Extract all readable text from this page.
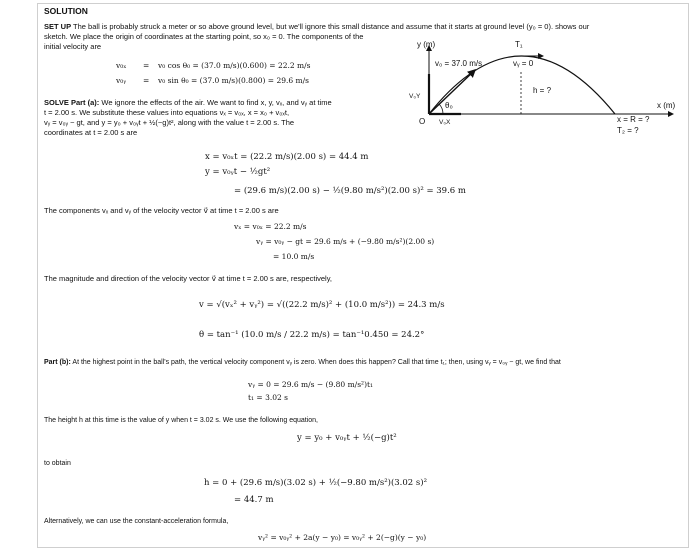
SOLUTION
SET UP The ball is probably struck a meter or so above ground level, but we'll ignore this small distance and assume that it starts at ground level (y₀ = 0). shows our
sketch. We place the origin of coordinates at the starting point, so x₀ = 0. The components of the
initial velocity are
v₀ₓ = v₀ cos θ₀ = (37.0 m/s)(0.600) = 22.2 m/s
v₀ᵧ = v₀ sin θ₀ = (37.0 m/s)(0.800) = 29.6 m/s
y (m)	T₁
vᵧ = 0
v₀ = 37.0 m/s
h = ?
V₀Y
θ₀
O V₀X
x (m)
x = R = ?
T₂ = ?
SOLVE Part (a): We ignore the effects of the air. We want to find x, y, vₓ, and vᵧ at time
t = 2.00 s. We substitute these values into equations vₓ = v₀ₓ, x = x₀ + v₀ₓt,
vᵧ = v₀ᵧ − gt, and y = y₀ + v₀ᵧt + ½(−g)t², along with the value t = 2.00 s. The
coordinates at t = 2.00 s are
x = v₀ₓt = (22.2 m/s)(2.00 s) = 44.4 m
y = v₀ᵧt − ½gt²
= (29.6 m/s)(2.00 s) − ½(9.80 m/s²)(2.00 s)² = 39.6 m
The components vₓ and vᵧ of the velocity vector v⃗ at time t = 2.00 s are
vₓ = v₀ₓ = 22.2 m/s
vᵧ = v₀ᵧ − gt = 29.6 m/s + (−9.80 m/s²)(2.00 s)
= 10.0 m/s
The magnitude and direction of the velocity vector v⃗ at time t = 2.00 s are, respectively,
v = √(vₓ² + vᵧ²) = √((22.2 m/s)² + (10.0 m/s²)) = 24.3 m/s
θ = tan⁻¹ (10.0 m/s / 22.2 m/s) = tan⁻¹0.450 = 24.2°
Part (b): At the highest point in the ball's path, the vertical velocity component vᵧ is zero. When does this happen? Call that time t₁; then, using vᵧ = v₀ᵧ − gt, we find that
vᵧ = 0 = 29.6 m/s − (9.80 m/s²)t₁
t₁ = 3.02 s
The height h at this time is the value of y when t = 3.02 s. We use the following equation,
y = y₀ + v₀ᵧt + ½(−g)t²
to obtain
h = 0 + (29.6 m/s)(3.02 s) + ½(−9.80 m/s²)(3.02 s)²
= 44.7 m
Alternatively, we can use the constant-acceleration formula,
vᵧ² = v₀ᵧ² + 2a(y − y₀) = v₀ᵧ² + 2(−g)(y − y₀)
